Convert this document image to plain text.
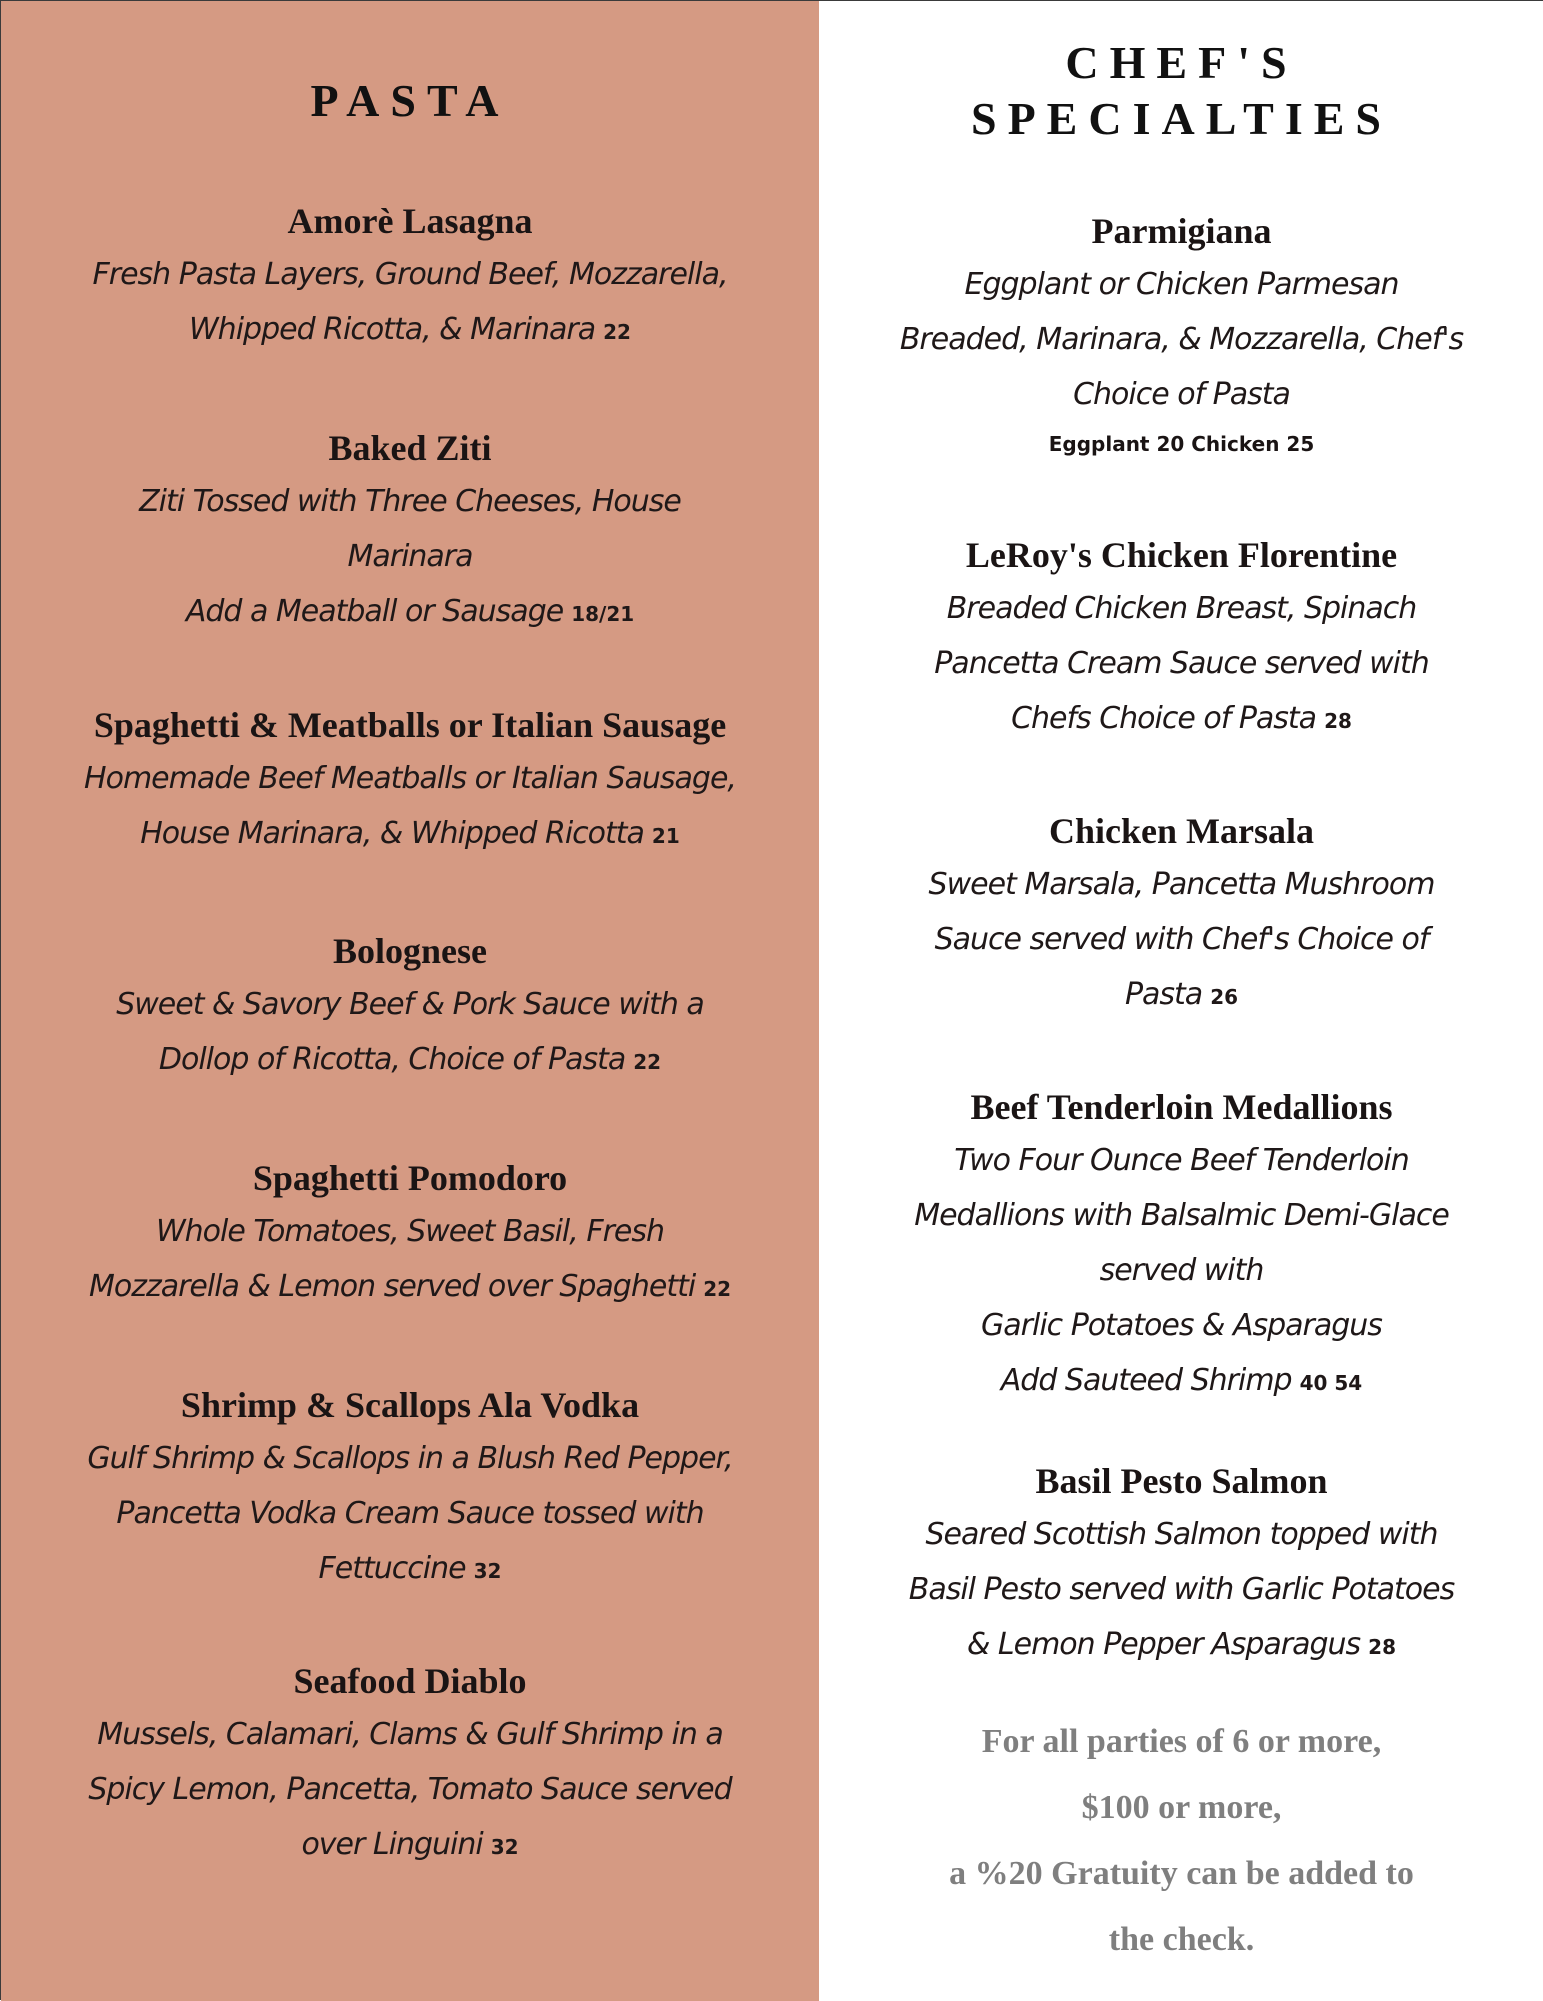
PASTA
Amorè Lasagna
Fresh Pasta Layers, Ground Beef, Mozzarella,
Whipped Ricotta, & Marinara 22
Baked Ziti
Ziti Tossed with Three Cheeses, House
Marinara
Add a Meatball or Sausage 18/21
Spaghetti & Meatballs or Italian Sausage
Homemade Beef Meatballs or Italian Sausage,
House Marinara, & Whipped Ricotta 21
Bolognese
Sweet & Savory Beef & Pork Sauce with a
Dollop of Ricotta, Choice of Pasta 22
Spaghetti Pomodoro
Whole Tomatoes, Sweet Basil, Fresh
Mozzarella & Lemon served over Spaghetti 22
Shrimp & Scallops Ala Vodka
Gulf Shrimp & Scallops in a Blush Red Pepper,
Pancetta Vodka Cream Sauce tossed with
Fettuccine 32
Seafood Diablo
Mussels, Calamari, Clams & Gulf Shrimp in a
Spicy Lemon, Pancetta, Tomato Sauce served
over Linguini 32
CHEF'S
SPECIALTIES
Parmigiana
Eggplant or Chicken Parmesan
Breaded, Marinara, & Mozzarella, Chef's
Choice of Pasta
Eggplant 20 Chicken 25
LeRoy's Chicken Florentine
Breaded Chicken Breast, Spinach
Pancetta Cream Sauce served with
Chefs Choice of Pasta 28
Chicken Marsala
Sweet Marsala, Pancetta Mushroom
Sauce served with Chef's Choice of
Pasta 26
Beef Tenderloin Medallions
Two Four Ounce Beef Tenderloin
Medallions with Balsalmic Demi-Glace
served with
Garlic Potatoes & Asparagus
Add Sauteed Shrimp 40 54
Basil Pesto Salmon
Seared Scottish Salmon topped with
Basil Pesto served with Garlic Potatoes
& Lemon Pepper Asparagus 28
For all parties of 6 or more,
$100 or more,
a %20 Gratuity can be added to
the check.
